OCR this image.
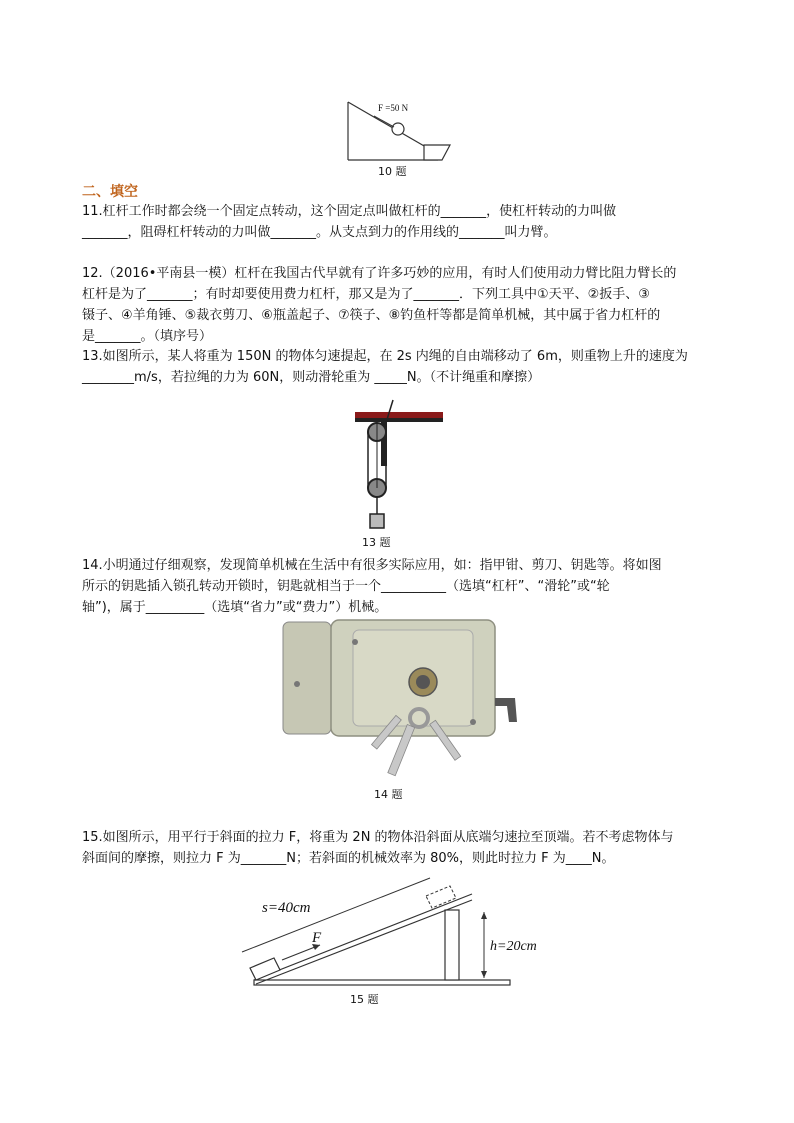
F =50 N
10 题
二、填空
11.杠杆工作时都会绕一个固定点转动，这个固定点叫做杠杆的_______，使杠杆转动的力叫做
_______，阻碍杠杆转动的力叫做_______。从支点到力的作用线的_______叫力臂。
12.（2016•平南县一模）杠杆在我国古代早就有了许多巧妙的应用，有时人们使用动力臂比阻力臂长的
杠杆是为了_______；有时却要使用费力杠杆，那又是为了_______．下列工具中①天平、②扳手、③
镊子、④羊角锤、⑤裁衣剪刀、⑥瓶盖起子、⑦筷子、⑧钓鱼杆等都是简单机械，其中属于省力杠杆的
是_______。（填序号）
13.如图所示，某人将重为 150N 的物体匀速提起，在 2s 内绳的自由端移动了 6m，则重物上升的速度为
________m/s，若拉绳的力为 60N，则动滑轮重为 _____N。（不计绳重和摩擦）
13 题
14.小明通过仔细观察，发现简单机械在生活中有很多实际应用，如：指甲钳、剪刀、钥匙等。将如图
所示的钥匙插入锁孔转动开锁时，钥匙就相当于一个__________（选填“杠杆”、“滑轮”或“轮
轴”)，属于_________（选填“省力”或“费力”）机械。
14 题
15.如图所示，用平行于斜面的拉力 F，将重为 2N 的物体沿斜面从底端匀速拉至顶端。若不考虑物体与
斜面间的摩擦，则拉力 F 为_______N；若斜面的机械效率为 80%，则此时拉力 F 为____N。
s=40cm
F
h=20cm
15 题
